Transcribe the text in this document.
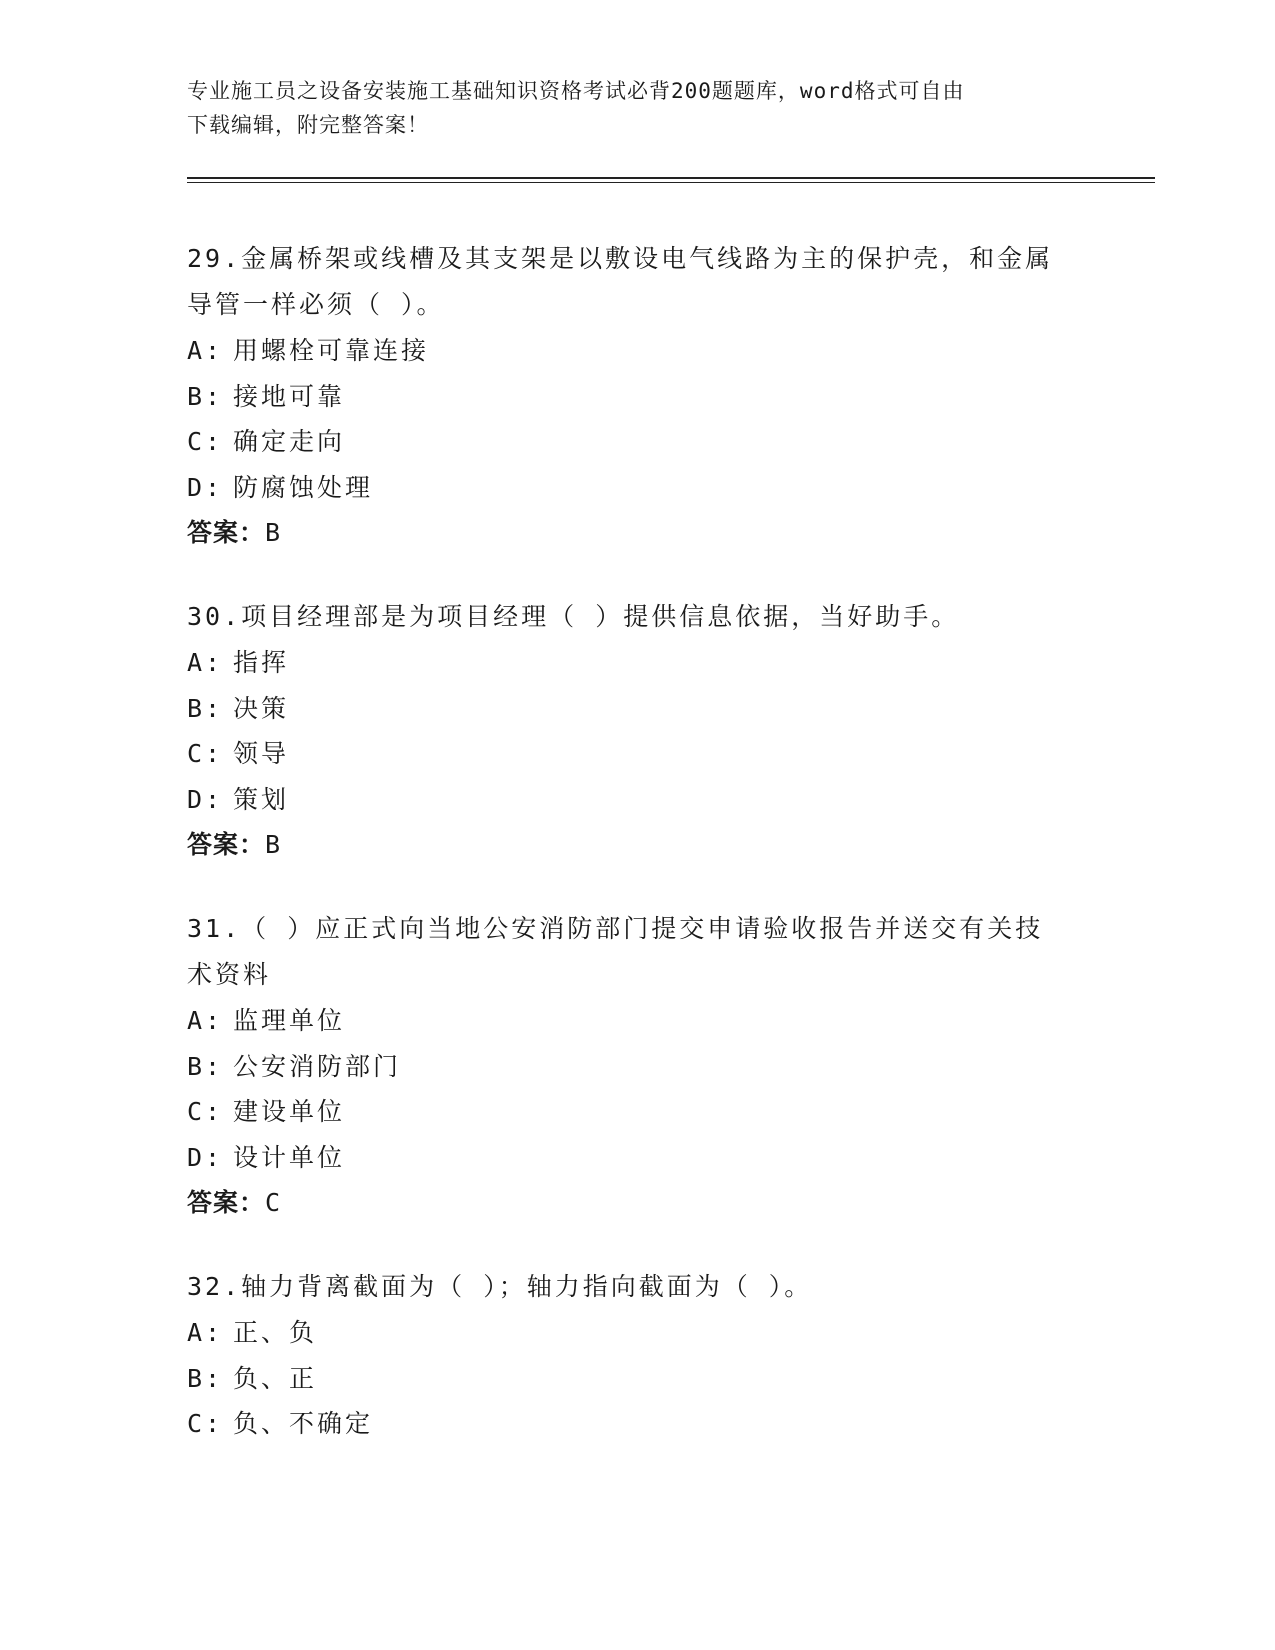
专业施工员之设备安装施工基础知识资格考试必背200题题库，word格式可自由
下载编辑，附完整答案！
29.金属桥架或线槽及其支架是以敷设电气线路为主的保护壳，和金属
导管一样必须（ ）。
A: 用螺栓可靠连接
B: 接地可靠
C: 确定走向
D: 防腐蚀处理
答案：B
30.项目经理部是为项目经理（ ）提供信息依据，当好助手。
A: 指挥
B: 决策
C: 领导
D: 策划
答案：B
31.（ ）应正式向当地公安消防部门提交申请验收报告并送交有关技
术资料
A: 监理单位
B: 公安消防部门
C: 建设单位
D: 设计单位
答案：C
32.轴力背离截面为（ ）；轴力指向截面为（ ）。
A: 正、负
B: 负、正
C: 负、不确定
